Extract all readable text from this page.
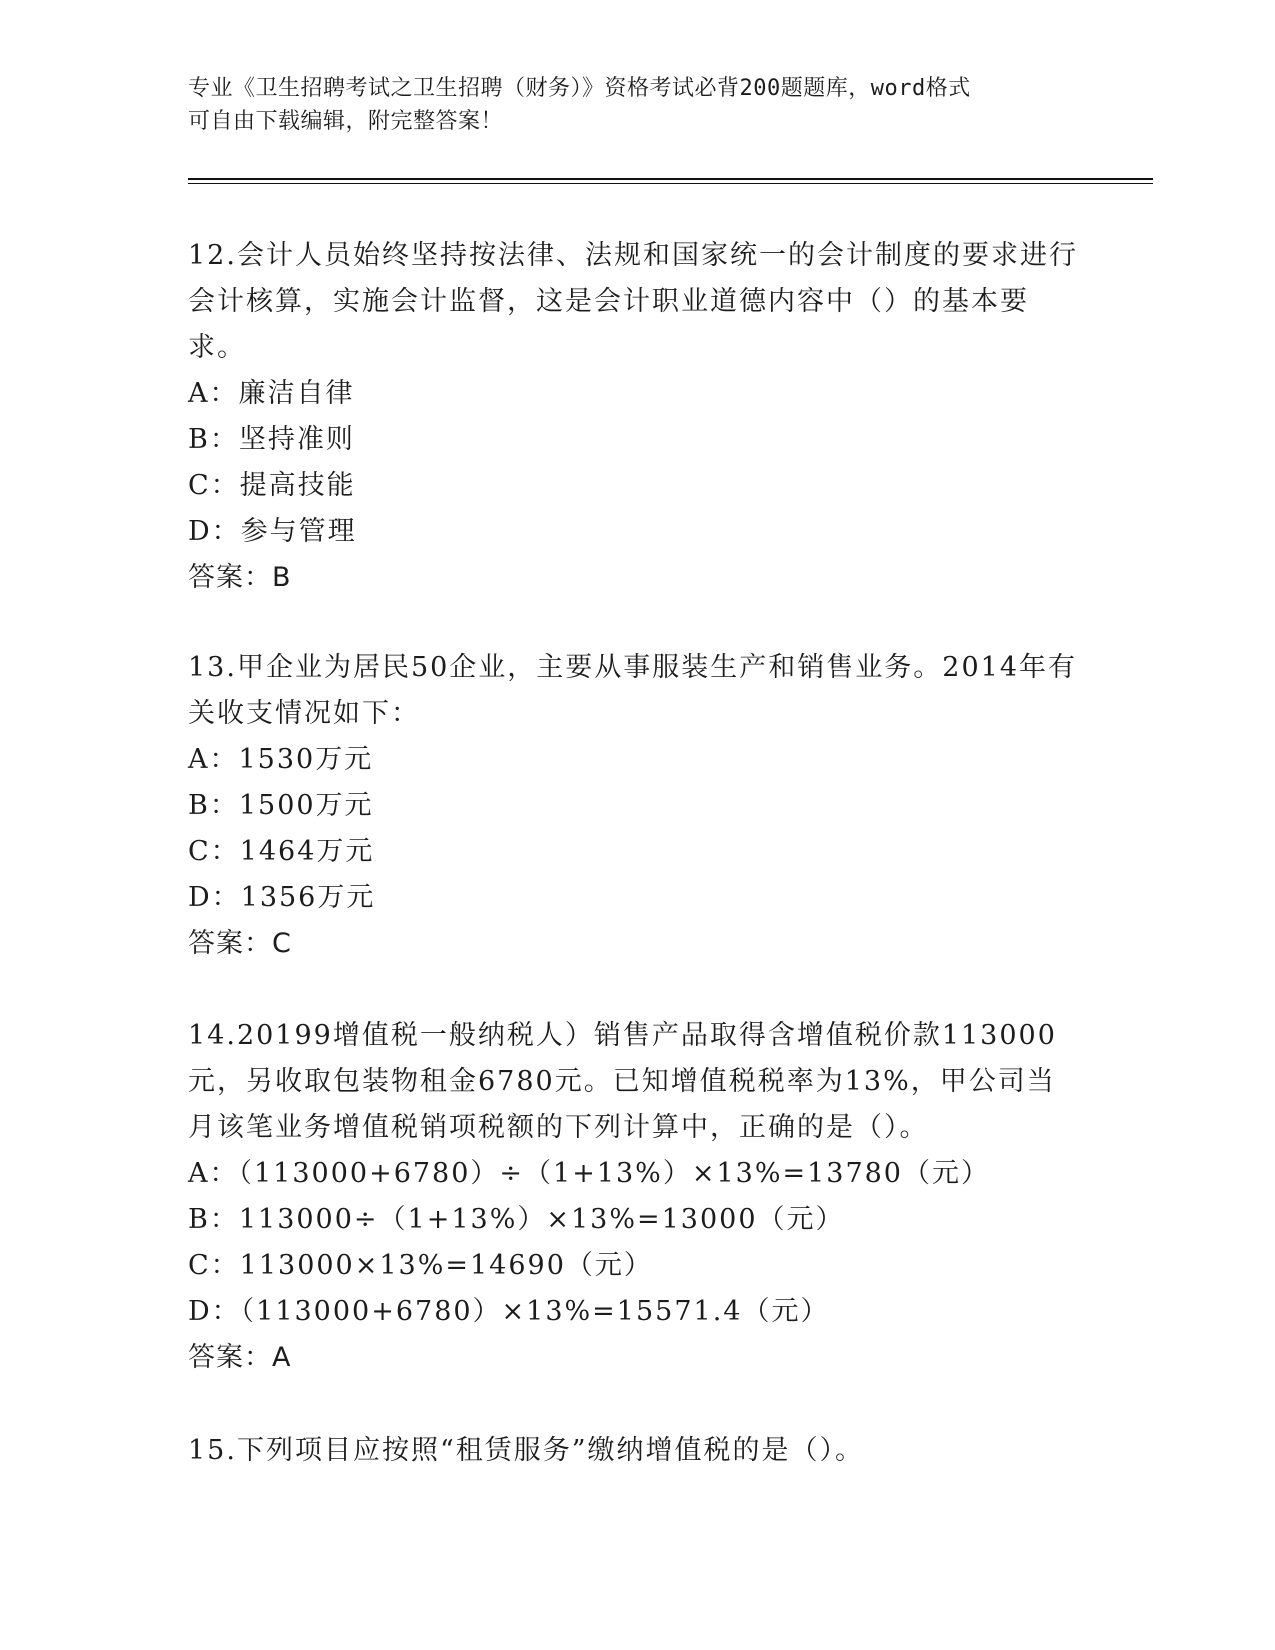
专业《卫生招聘考试之卫生招聘（财务）》资格考试必背200题题库，word格式
可自由下载编辑，附完整答案！

12.会计人员始终坚持按法律、法规和国家统一的会计制度的要求进行会计核算，实施会计监督，这是会计职业道德内容中（）的基本要求。

A：廉洁自律

B：坚持准则

C：提高技能

D：参与管理

答案：B

13.甲企业为居民50企业，主要从事服装生产和销售业务。2014年有关收支情况如下：

A：1530万元

B：1500万元

C：1464万元

D：1356万元

答案：C

14.20199增值税一般纳税人）销售产品取得含增值税价款113000元，另收取包装物租金6780元。已知增值税税率为13%，甲公司当月该笔业务增值税销项税额的下列计算中，正确的是（）。

A：（113000+6780）÷（1+13%）×13%=13780（元）

B：113000÷（1+13%）×13%=13000（元）

C：113000×13%=14690（元）

D：（113000+6780）×13%=15571.4（元）

答案：A

15.下列项目应按照“租赁服务”缴纳增值税的是（）。
